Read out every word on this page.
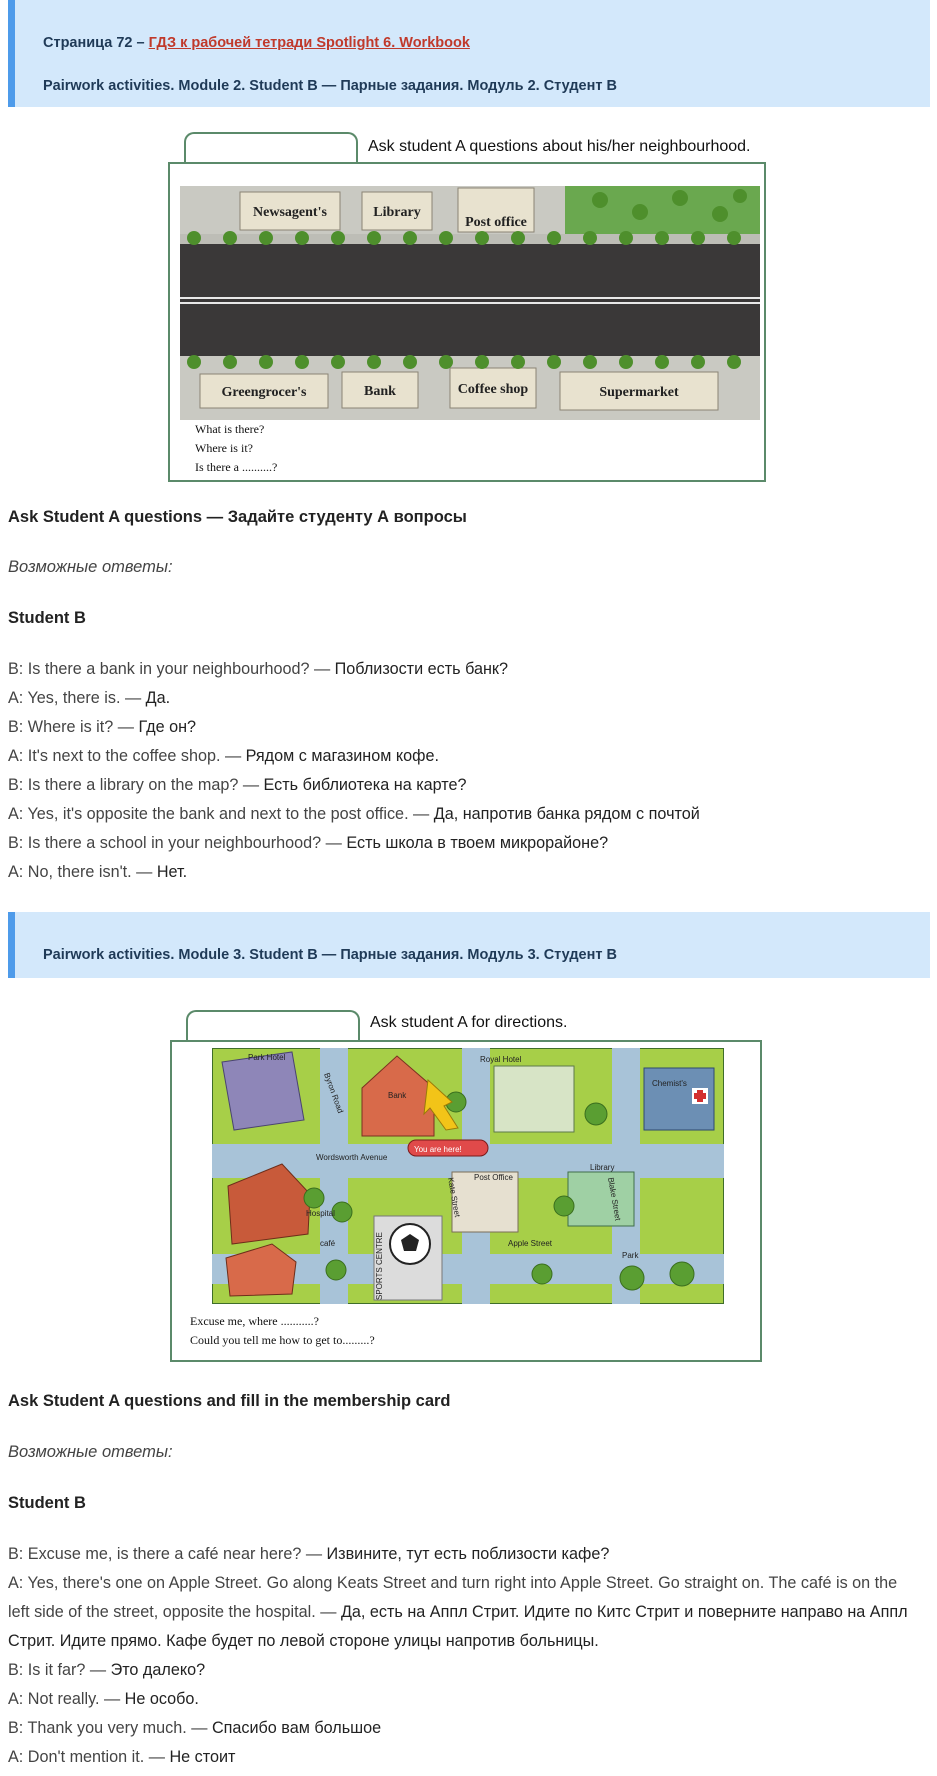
Страница 72 – ГДЗ к рабочей тетради Spotlight 6. Workbook
Pairwork activities. Module 2. Student B — Парные задания. Модуль 2. Студент B
Ask student A questions about his/her neighbourhood.
Newsagent's	Library
Post office
Greengrocer's	Bank	Coffee shop	Supermarket
What is there?
Where is it?
Is there a ..........?
Ask Student A questions — Задайте студенту А вопросы
Возможные ответы:
Student B

B: Is there a bank in your neighbourhood? — Поблизости есть банк?

A: Yes, there is. — Да.

B: Where is it? — Где он?

A: It's next to the coffee shop. — Рядом с магазином кофе.

B: Is there a library on the map? — Есть библиотека на карте?

A: Yes, it's opposite the bank and next to the post office. — Да, напротив банка рядом с почтой

B: Is there a school in your neighbourhood? — Есть школа в твоем микрорайоне?

A: No, there isn't. — Нет.

Pairwork activities. Module 3. Student B — Парные задания. Модуль 3. Студент B
Ask student A for directions.
Park Hotel	Royal Hotel
Bank
Chemist's
Byron Road
Wordsworth Avenue
You are here!
Kate Street Post Office
Library
Blake Street
Hospital
café	SPORTS CENTRE	Apple Street
Park
Excuse me, where ...........?
Could you tell me how to get to.........?
Ask Student A questions and fill in the membership card
Возможные ответы:
Student B

B: Excuse me, is there a café near here? — Извините, тут есть поблизости кафе?

A: Yes, there's one on Apple Street. Go along Keats Street and turn right into Apple Street. Go straight on. The café is on the left side of the street, opposite the hospital. — Да, есть на Аппл Стрит. Идите по Китс Стрит и поверните направо на Аппл Стрит. Идите прямо. Кафе будет по левой стороне улицы напротив больницы.

B: Is it far? — Это далеко?

A: Not really. — Не особо.

B: Thank you very much. — Спасибо вам большое

A: Don't mention it. — Не стоит
